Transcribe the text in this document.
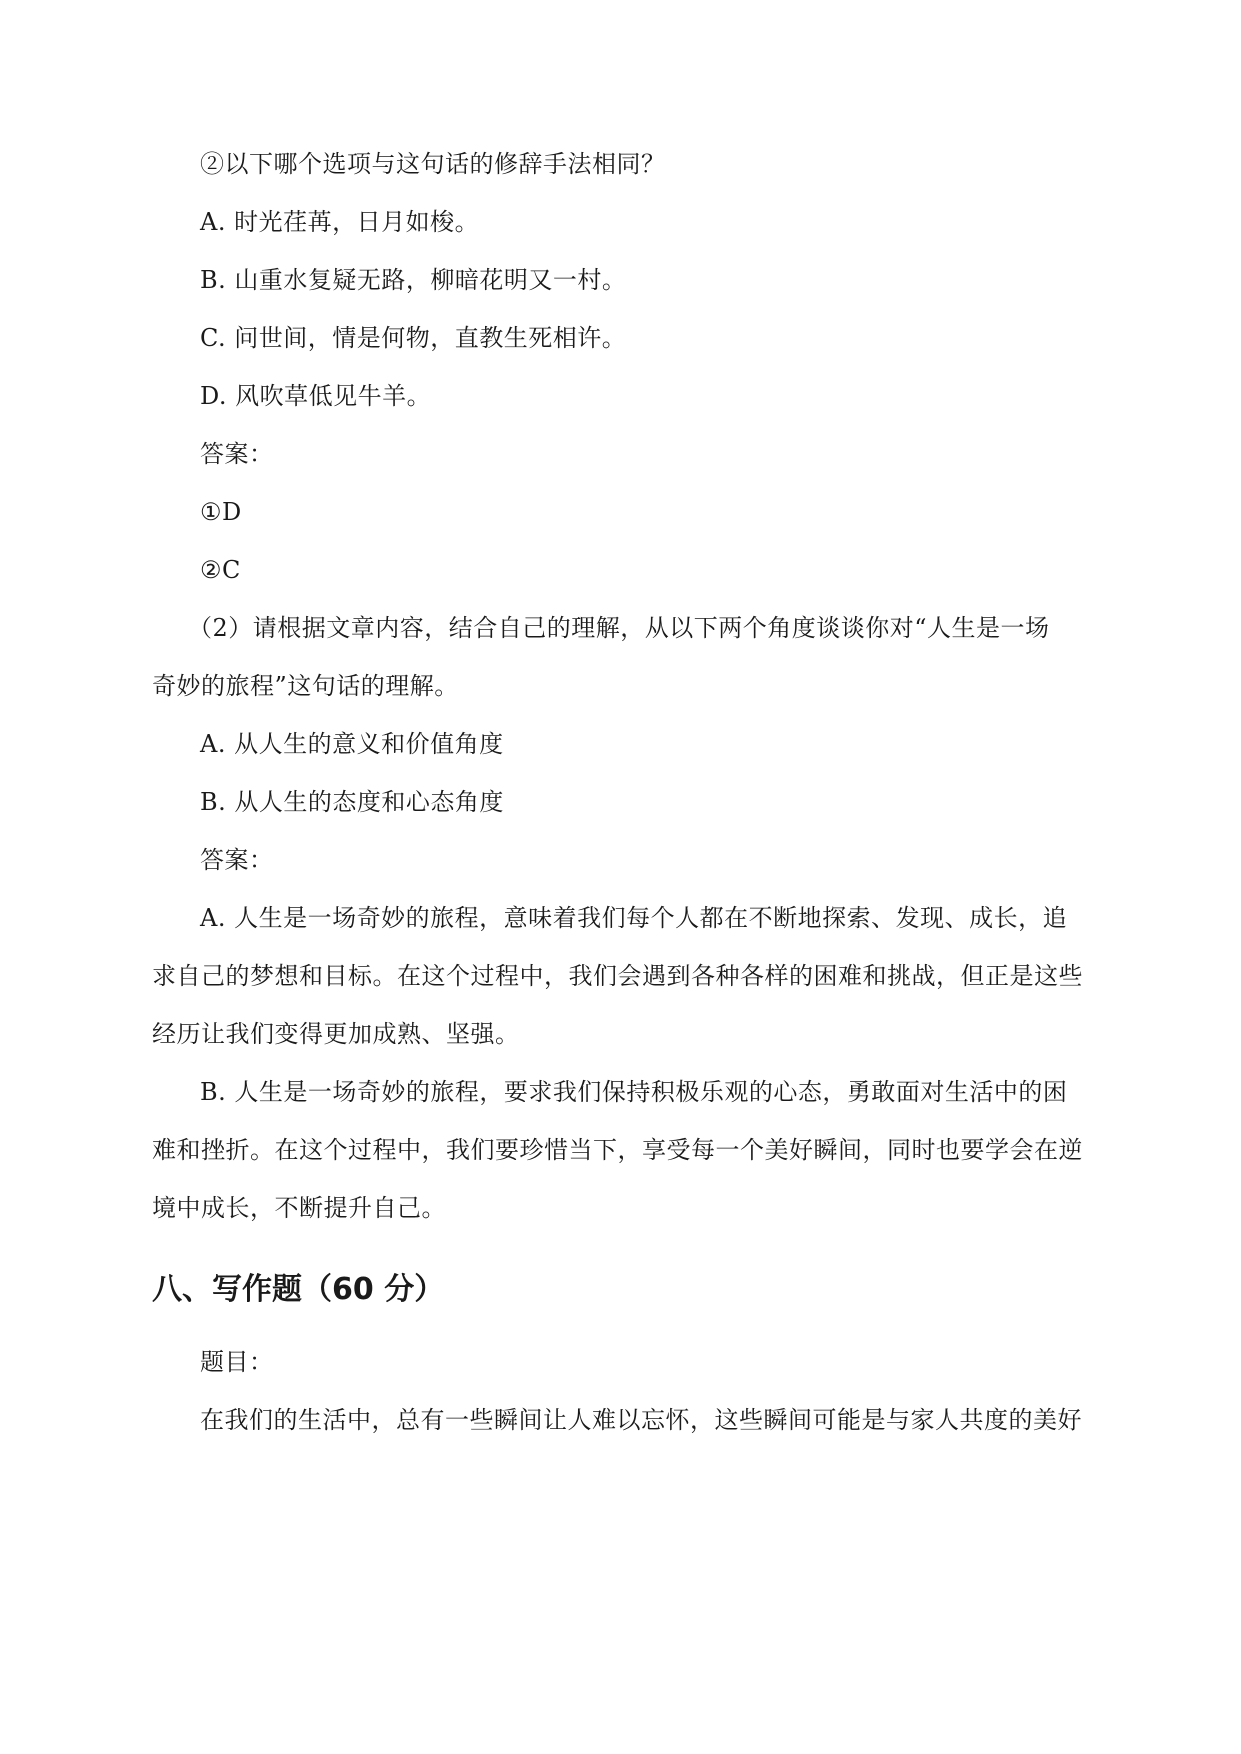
②以下哪个选项与这句话的修辞手法相同？
A. 时光荏苒，日月如梭。
B. 山重水复疑无路，柳暗花明又一村。
C. 问世间，情是何物，直教生死相许。
D. 风吹草低见牛羊。
答案：
①D
②C
（2）请根据文章内容，结合自己的理解，从以下两个角度谈谈你对“人生是一场
奇妙的旅程”这句话的理解。
A. 从人生的意义和价值角度
B. 从人生的态度和心态角度
答案：
A. 人生是一场奇妙的旅程，意味着我们每个人都在不断地探索、发现、成长，追
求自己的梦想和目标。在这个过程中，我们会遇到各种各样的困难和挑战，但正是这些
经历让我们变得更加成熟、坚强。
B. 人生是一场奇妙的旅程，要求我们保持积极乐观的心态，勇敢面对生活中的困
难和挫折。在这个过程中，我们要珍惜当下，享受每一个美好瞬间，同时也要学会在逆
境中成长，不断提升自己。
八、写作题（60 分）
题目：
在我们的生活中，总有一些瞬间让人难以忘怀，这些瞬间可能是与家人共度的美好
